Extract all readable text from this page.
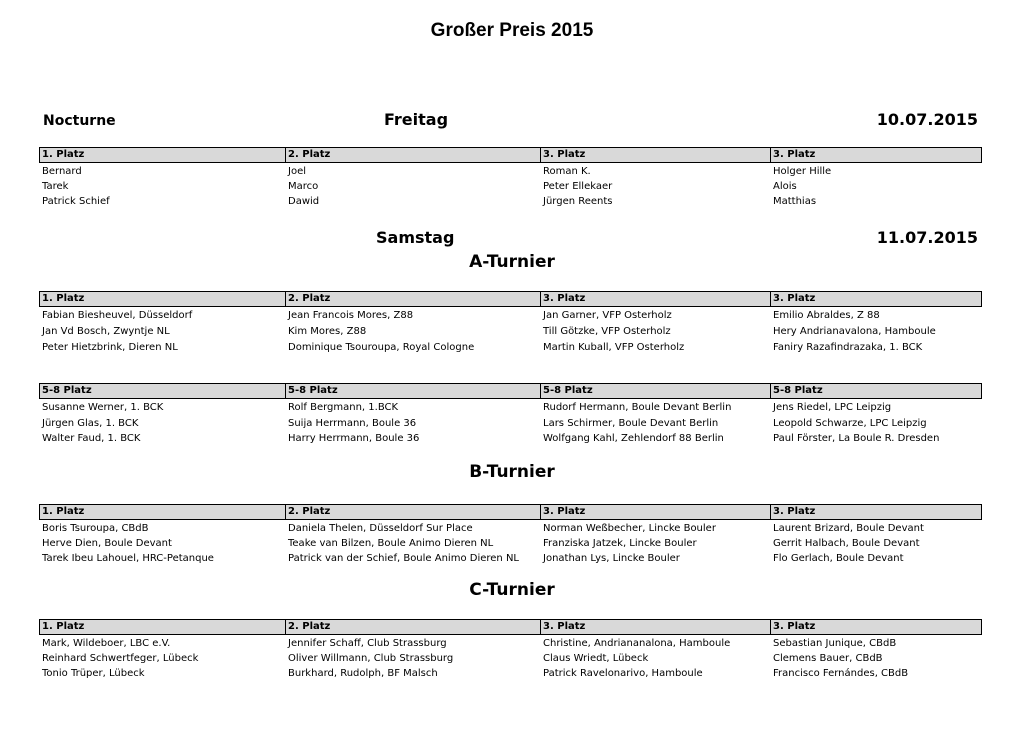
Großer Preis 2015
Nocturne	Freitag	10.07.2015
1. Platz	2. Platz	3. Platz	3. Platz
Bernard	Joel	Roman K.	Holger Hille
Tarek	Marco	Peter Ellekaer	Alois
Patrick Schief	Dawid	Jürgen Reents	Matthias
Samstag	11.07.2015
A-Turnier
1. Platz	2. Platz	3. Platz	3. Platz
Fabian Biesheuvel, Düsseldorf	Jean Francois Mores, Z88	Jan Garner, VFP Osterholz	Emilio Abraldes, Z 88
Jan Vd Bosch, Zwyntje NL	Kim Mores, Z88	Till Götzke, VFP Osterholz	Hery Andrianavalona, Hamboule
Peter Hietzbrink, Dieren NL	Dominique Tsouroupa, Royal Cologne	Martin Kuball, VFP Osterholz	Faniry Razafindrazaka, 1. BCK
5-8 Platz	5-8 Platz	5-8 Platz	5-8 Platz
Susanne Werner, 1. BCK	Rolf Bergmann, 1.BCK	Rudorf Hermann, Boule Devant Berlin	Jens Riedel, LPC Leipzig
Jürgen Glas, 1. BCK	Suija Herrmann, Boule 36	Lars Schirmer, Boule Devant Berlin	Leopold Schwarze, LPC Leipzig
Walter Faud, 1. BCK	Harry Herrmann, Boule 36	Wolfgang Kahl, Zehlendorf 88 Berlin	Paul Förster, La Boule R. Dresden
B-Turnier
1. Platz	2. Platz	3. Platz	3. Platz
Boris Tsuroupa, CBdB	Daniela Thelen, Düsseldorf Sur Place	Norman Weßbecher, Lincke Bouler	Laurent Brizard, Boule Devant
Herve Dien, Boule Devant	Teake van Bilzen, Boule Animo Dieren NL	Franziska Jatzek, Lincke Bouler	Gerrit Halbach, Boule Devant
Tarek Ibeu Lahouel, HRC-Petanque	Patrick van der Schief, Boule Animo Dieren NL	Jonathan Lys, Lincke Bouler	Flo Gerlach, Boule Devant
C-Turnier
1. Platz	2. Platz	3. Platz	3. Platz
Mark, Wildeboer, LBC e.V.	Jennifer Schaff, Club Strassburg	Christine, Andriananalona, Hamboule	Sebastian Junique, CBdB
Reinhard Schwertfeger, Lübeck	Oliver Willmann, Club Strassburg	Claus Wriedt, Lübeck	Clemens Bauer, CBdB
Tonio Trüper, Lübeck	Burkhard, Rudolph, BF Malsch	Patrick Ravelonarivo, Hamboule	Francisco Fernándes, CBdB
